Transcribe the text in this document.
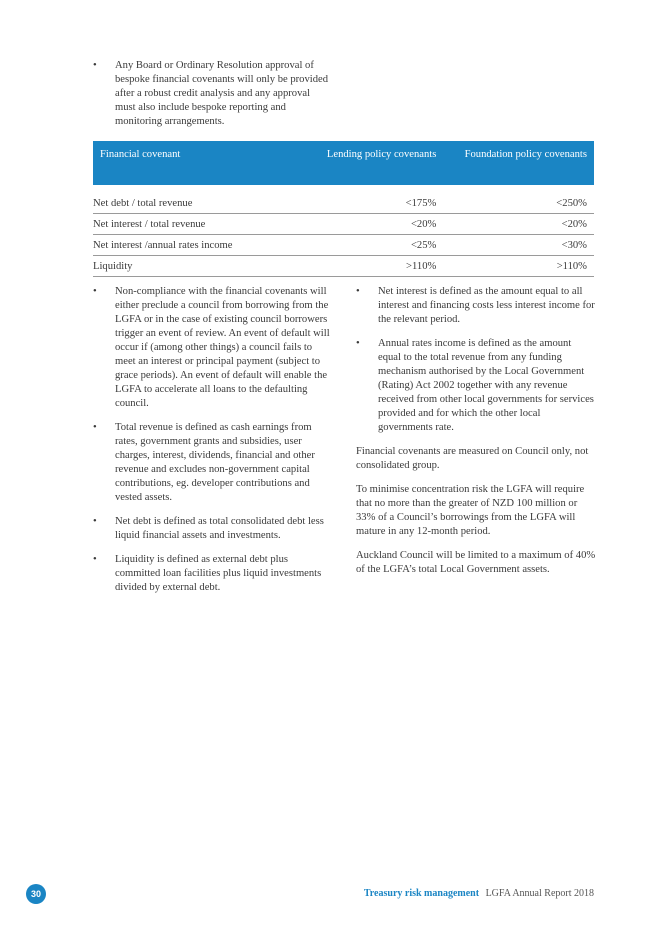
•	Any Board or Ordinary Resolution approval of bespoke financial covenants will only be provided after a robust credit analysis and any approval must also include bespoke reporting and monitoring arrangements.
Financial covenant	Lending policy covenants	Foundation policy covenants

Net debt / total revenue	<175%	<250%
Net interest / total revenue	<20%	<20%
Net interest /annual rates income	<25%	<30%
Liquidity	>110%	>110%
•	Non-compliance with the financial covenants will either preclude a council from borrowing from the LGFA or in the case of existing council borrowers trigger an event of review. An event of default will occur if (among other things) a council fails to meet an interest or principal payment (subject to grace periods). An event of default will enable the LGFA to accelerate all loans to the defaulting council.
•	Total revenue is defined as cash earnings from rates, government grants and subsidies, user charges, interest, dividends, financial and other revenue and excludes non-government capital contributions, eg. developer contributions and vested assets.
•	Net debt is defined as total consolidated debt less liquid financial assets and investments.
•	Liquidity is defined as external debt plus committed loan facilities plus liquid investments divided by external debt.
•	Net interest is defined as the amount equal to all interest and financing costs less interest income for the relevant period.
•	Annual rates income is defined as the amount equal to the total revenue from any funding mechanism authorised by the Local Government (Rating) Act 2002 together with any revenue received from other local governments for services provided and for which the other local governments rate.

Financial covenants are measured on Council only, not consolidated group.

To minimise concentration risk the LGFA will require that no more than the greater of NZD 100 million or 33% of a Council’s borrowings from the LGFA will mature in any 12-month period.

Auckland Council will be limited to a maximum of 40% of the LGFA’s total Local Government assets.

30	Treasury risk management LGFA Annual Report 2018
